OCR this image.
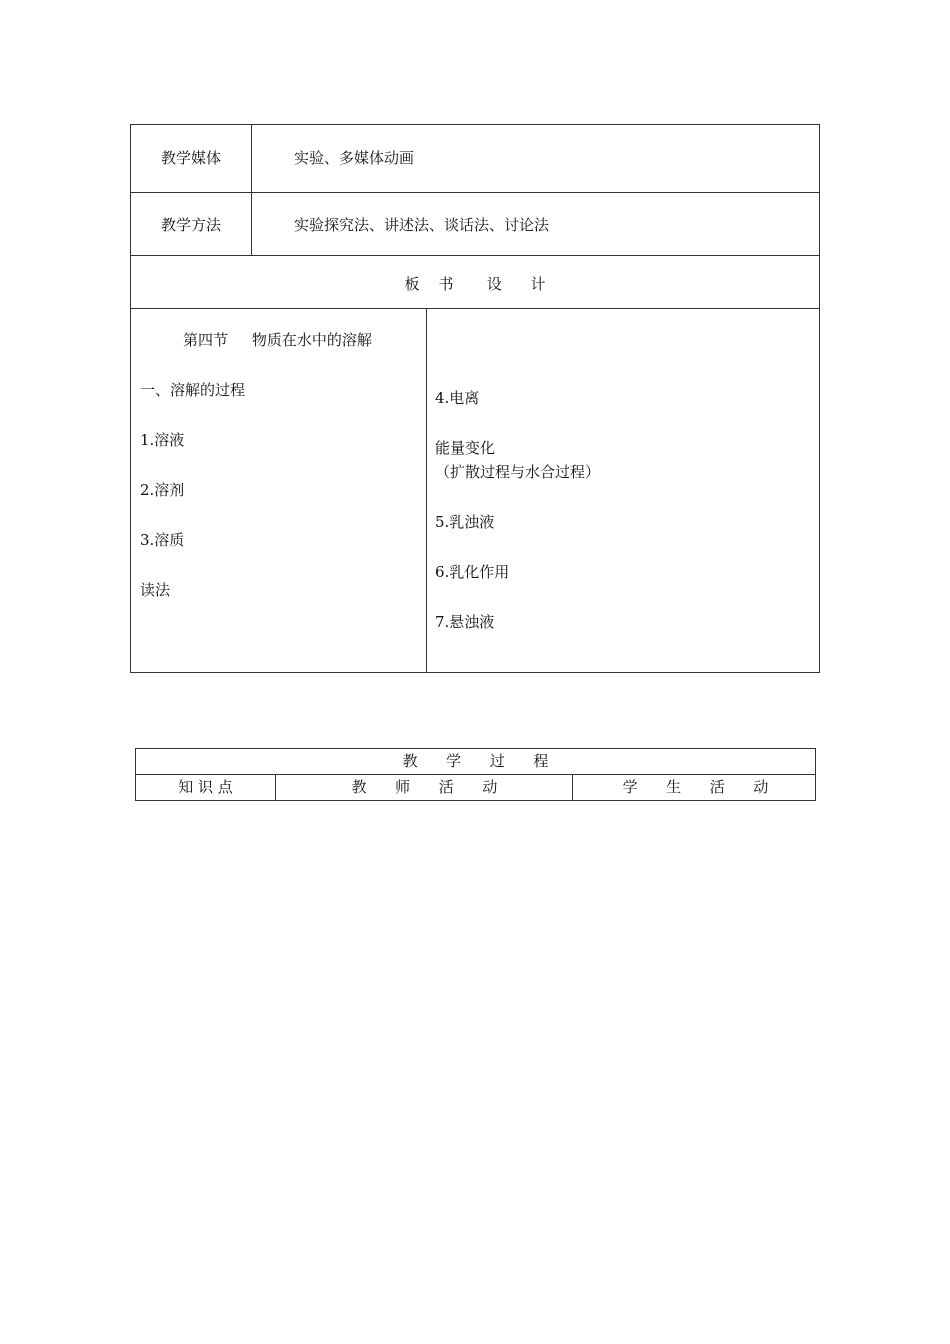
教学媒体	实验、多媒体动画
教学方法	实验探究法、讲述法、谈话法、讨论法
板    书       设      计
第四节     物质在水中的溶解
一、溶解的过程
1.溶液
2.溶剂
3.溶质
读法
4.电离
能量变化
（扩散过程与水合过程）
5.乳浊液
6.乳化作用
7.悬浊液
教      学      过      程
知 识 点	教      师      活      动	学      生      活      动
